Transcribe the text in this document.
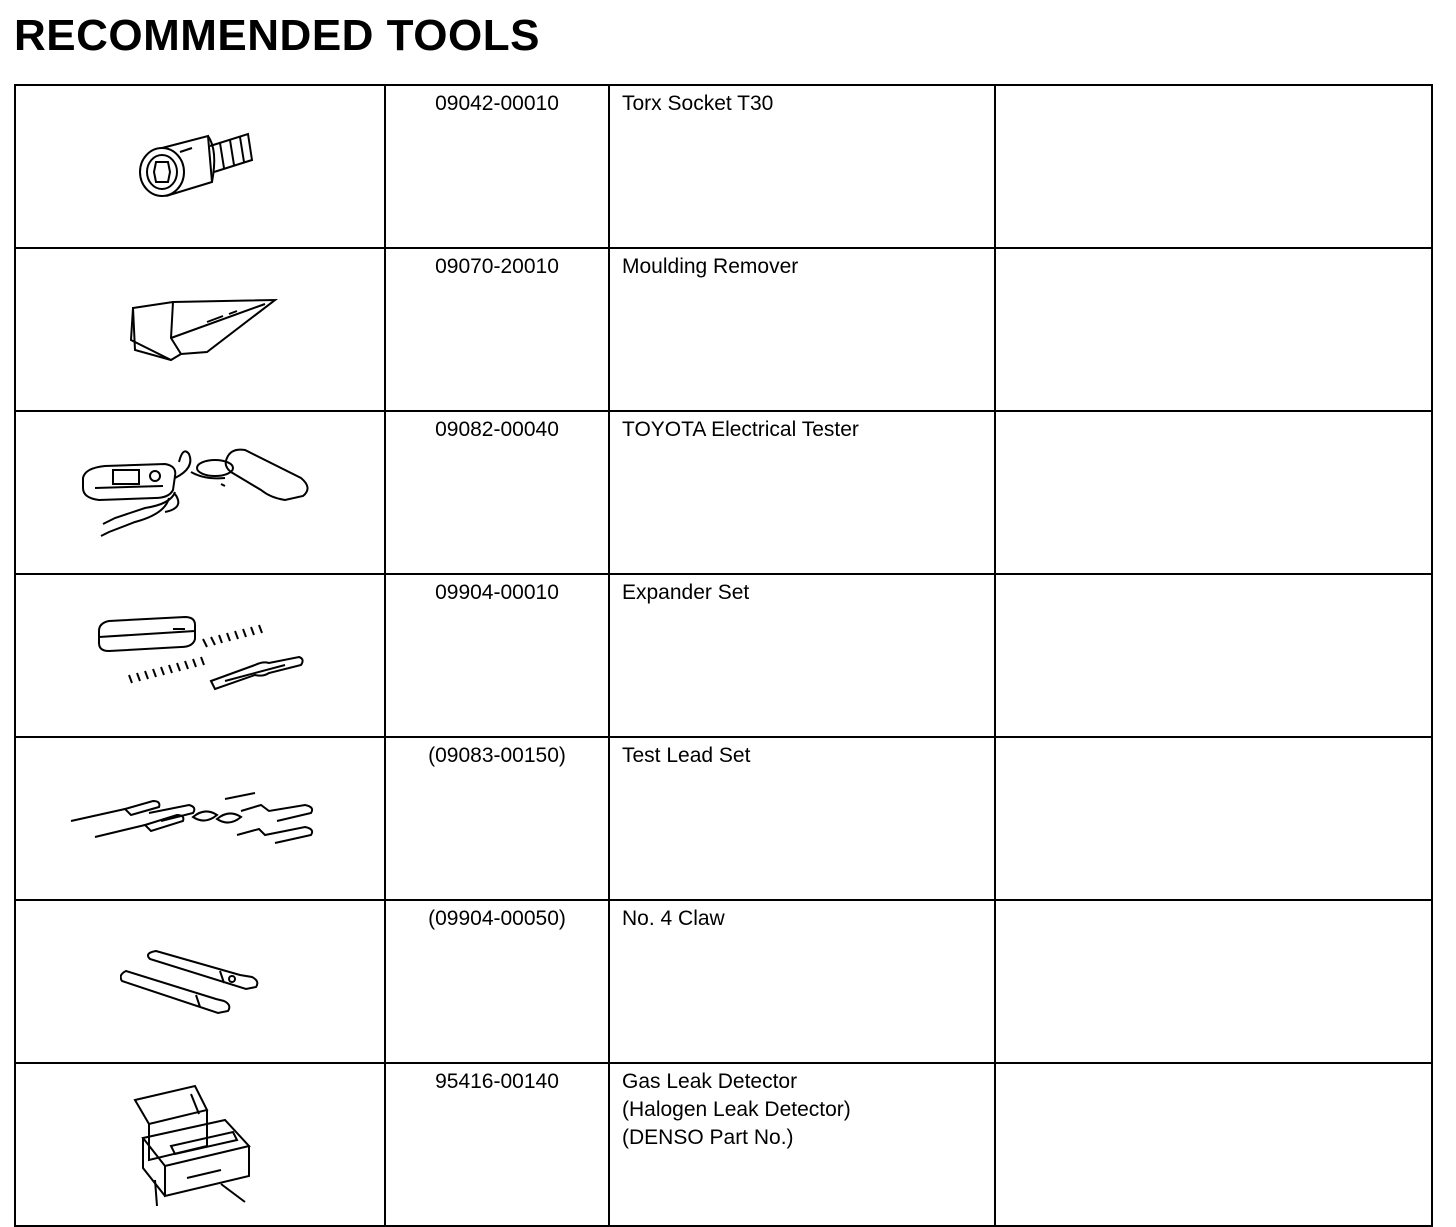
RECOMMENDED TOOLS
	09042-00010	Torx Socket T30	

	09070-20010	Moulding Remover	

	09082-00040	TOYOTA Electrical Tester	

	09904-00010	Expander Set	

	(09083-00150)	Test Lead Set	

	(09904-00050)	No. 4 Claw	

	95416-00140	Gas Leak Detector
(Halogen Leak Detector)
(DENSO Part No.)	
